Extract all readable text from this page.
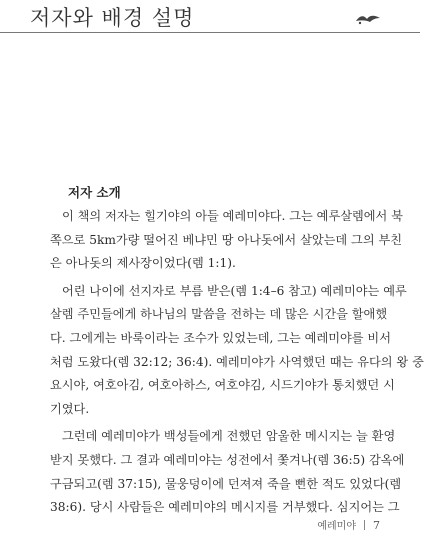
저자와 배경 설명
저자 소개
이 책의 저자는 힐기야의 아들 예레미야다. 그는 예루살렘에서 북
쪽으로 5km가량 떨어진 베냐민 땅 아나돗에서 살았는데 그의 부친
은 아나돗의 제사장이었다(렘 1:1).
어린 나이에 선지자로 부름 받은(렘 1:4–6 참고) 예레미야는 예루
살렘 주민들에게 하나님의 말씀을 전하는 데 많은 시간을 할애했
다. 그에게는 바룩이라는 조수가 있었는데, 그는 예레미야를 비서
처럼 도왔다(렘 32:12; 36:4). 예레미야가 사역했던 때는 유다의 왕 중
요시야, 여호아김, 여호아하스, 여호야김, 시드기야가 통치했던 시
기였다.
그런데 예레미야가 백성들에게 전했던 암울한 메시지는 늘 환영
받지 못했다. 그 결과 예레미야는 성전에서 쫓겨나(렘 36:5) 감옥에
구금되고(렘 37:15), 물웅덩이에 던져져 죽을 뻔한 적도 있었다(렘
38:6). 당시 사람들은 예레미야의 메시지를 거부했다. 심지어는 그
예레미야 7
